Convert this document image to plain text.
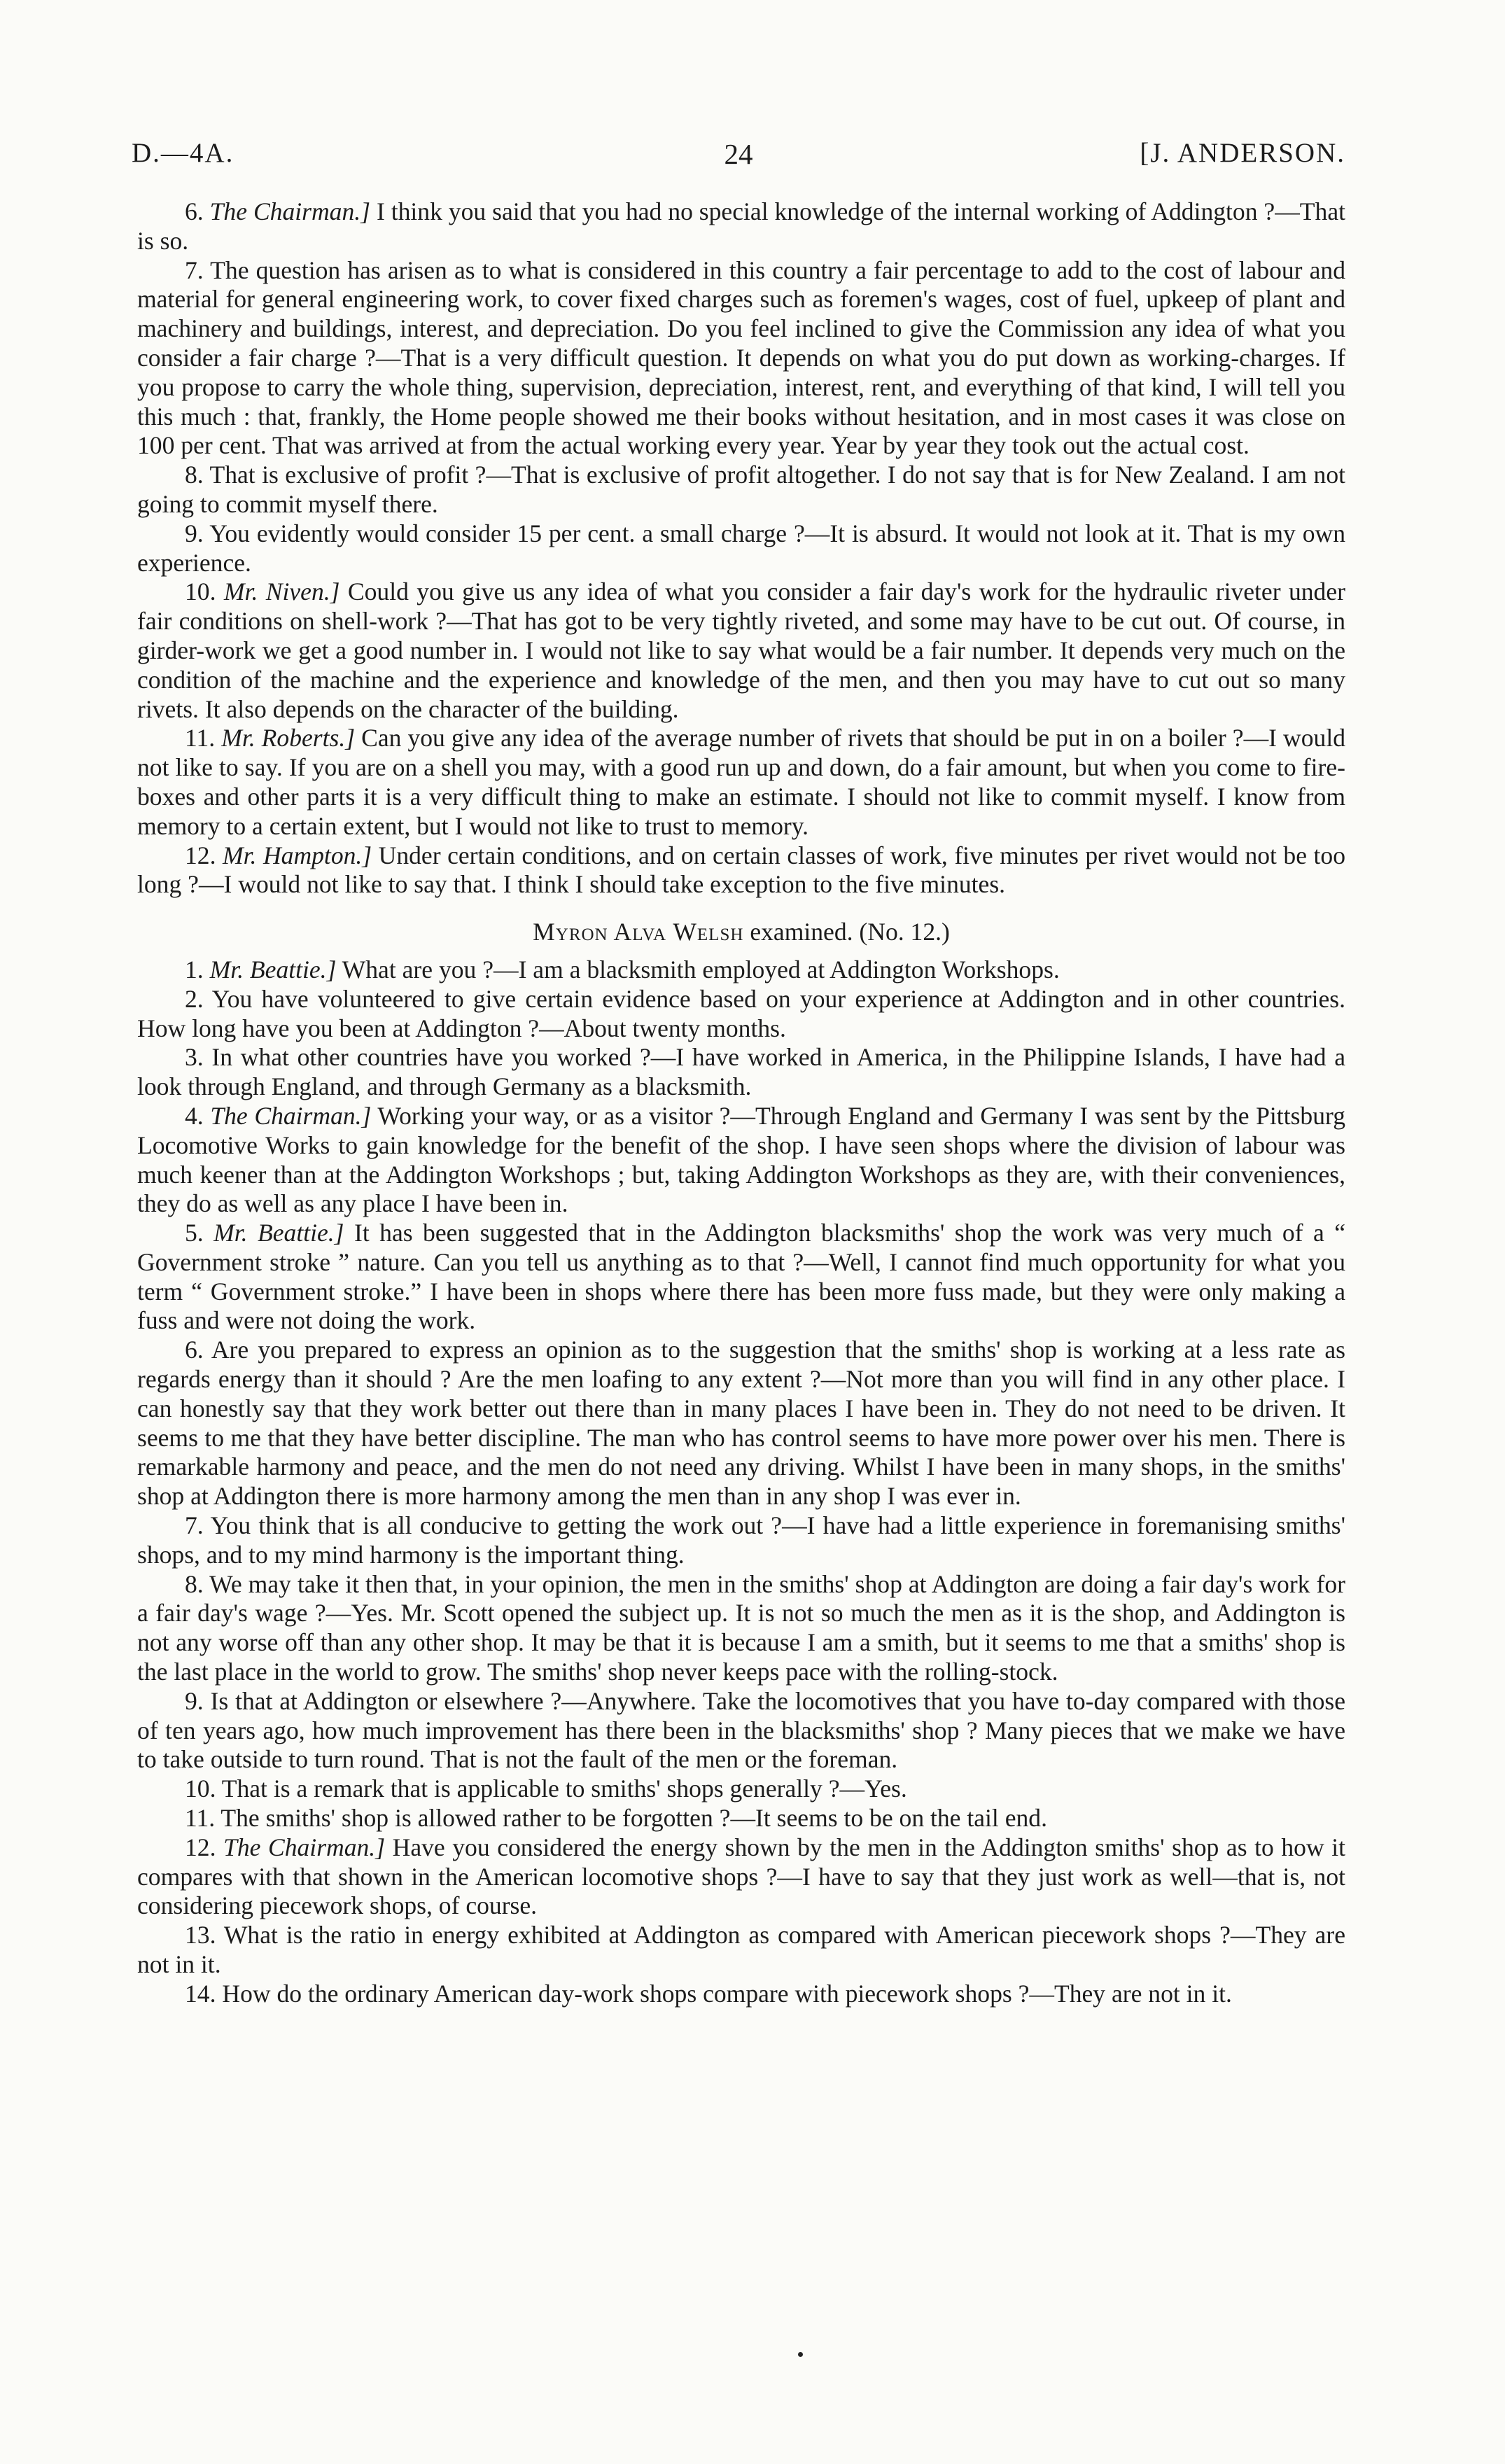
D.—4A.	24	[J. ANDERSON.

6. The Chairman.] I think you said that you had no special knowledge of the internal working of Addington ?—That is so.

7. The question has arisen as to what is considered in this country a fair percentage to add to the cost of labour and material for general engineering work, to cover fixed charges such as foremen's wages, cost of fuel, upkeep of plant and machinery and buildings, interest, and depreciation. Do you feel inclined to give the Commission any idea of what you consider a fair charge ?—That is a very difficult question. It depends on what you do put down as working-charges. If you propose to carry the whole thing, supervision, depreciation, interest, rent, and everything of that kind, I will tell you this much : that, frankly, the Home people showed me their books without hesitation, and in most cases it was close on 100 per cent. That was arrived at from the actual working every year. Year by year they took out the actual cost.

8. That is exclusive of profit ?—That is exclusive of profit altogether. I do not say that is for New Zealand. I am not going to commit myself there.

9. You evidently would consider 15 per cent. a small charge ?—It is absurd. It would not look at it. That is my own experience.

10. Mr. Niven.] Could you give us any idea of what you consider a fair day's work for the hydraulic riveter under fair conditions on shell-work ?—That has got to be very tightly riveted, and some may have to be cut out. Of course, in girder-work we get a good number in. I would not like to say what would be a fair number. It depends very much on the condition of the machine and the experience and knowledge of the men, and then you may have to cut out so many rivets. It also depends on the character of the building.

11. Mr. Roberts.] Can you give any idea of the average number of rivets that should be put in on a boiler ?—I would not like to say. If you are on a shell you may, with a good run up and down, do a fair amount, but when you come to fire-boxes and other parts it is a very difficult thing to make an estimate. I should not like to commit myself. I know from memory to a certain extent, but I would not like to trust to memory.

12. Mr. Hampton.] Under certain conditions, and on certain classes of work, five minutes per rivet would not be too long ?—I would not like to say that. I think I should take exception to the five minutes.

Myron Alva Welsh examined. (No. 12.)

1. Mr. Beattie.] What are you ?—I am a blacksmith employed at Addington Workshops.

2. You have volunteered to give certain evidence based on your experience at Addington and in other countries. How long have you been at Addington ?—About twenty months.

3. In what other countries have you worked ?—I have worked in America, in the Philippine Islands, I have had a look through England, and through Germany as a blacksmith.

4. The Chairman.] Working your way, or as a visitor ?—Through England and Germany I was sent by the Pittsburg Locomotive Works to gain knowledge for the benefit of the shop. I have seen shops where the division of labour was much keener than at the Addington Workshops ; but, taking Addington Workshops as they are, with their conveniences, they do as well as any place I have been in.

5. Mr. Beattie.] It has been suggested that in the Addington blacksmiths' shop the work was very much of a “ Government stroke ” nature. Can you tell us anything as to that ?—Well, I cannot find much opportunity for what you term “ Government stroke.” I have been in shops where there has been more fuss made, but they were only making a fuss and were not doing the work.

6. Are you prepared to express an opinion as to the suggestion that the smiths' shop is working at a less rate as regards energy than it should ? Are the men loafing to any extent ?—Not more than you will find in any other place. I can honestly say that they work better out there than in many places I have been in. They do not need to be driven. It seems to me that they have better discipline. The man who has control seems to have more power over his men. There is remarkable harmony and peace, and the men do not need any driving. Whilst I have been in many shops, in the smiths' shop at Addington there is more harmony among the men than in any shop I was ever in.

7. You think that is all conducive to getting the work out ?—I have had a little experience in foremanising smiths' shops, and to my mind harmony is the important thing.

8. We may take it then that, in your opinion, the men in the smiths' shop at Addington are doing a fair day's work for a fair day's wage ?—Yes. Mr. Scott opened the subject up. It is not so much the men as it is the shop, and Addington is not any worse off than any other shop. It may be that it is because I am a smith, but it seems to me that a smiths' shop is the last place in the world to grow. The smiths' shop never keeps pace with the rolling-stock.

9. Is that at Addington or elsewhere ?—Anywhere. Take the locomotives that you have to-day compared with those of ten years ago, how much improvement has there been in the blacksmiths' shop ? Many pieces that we make we have to take outside to turn round. That is not the fault of the men or the foreman.

10. That is a remark that is applicable to smiths' shops generally ?—Yes.

11. The smiths' shop is allowed rather to be forgotten ?—It seems to be on the tail end.

12. The Chairman.] Have you considered the energy shown by the men in the Addington smiths' shop as to how it compares with that shown in the American locomotive shops ?—I have to say that they just work as well—that is, not considering piecework shops, of course.

13. What is the ratio in energy exhibited at Addington as compared with American piecework shops ?—They are not in it.

14. How do the ordinary American day-work shops compare with piecework shops ?—They are not in it.
